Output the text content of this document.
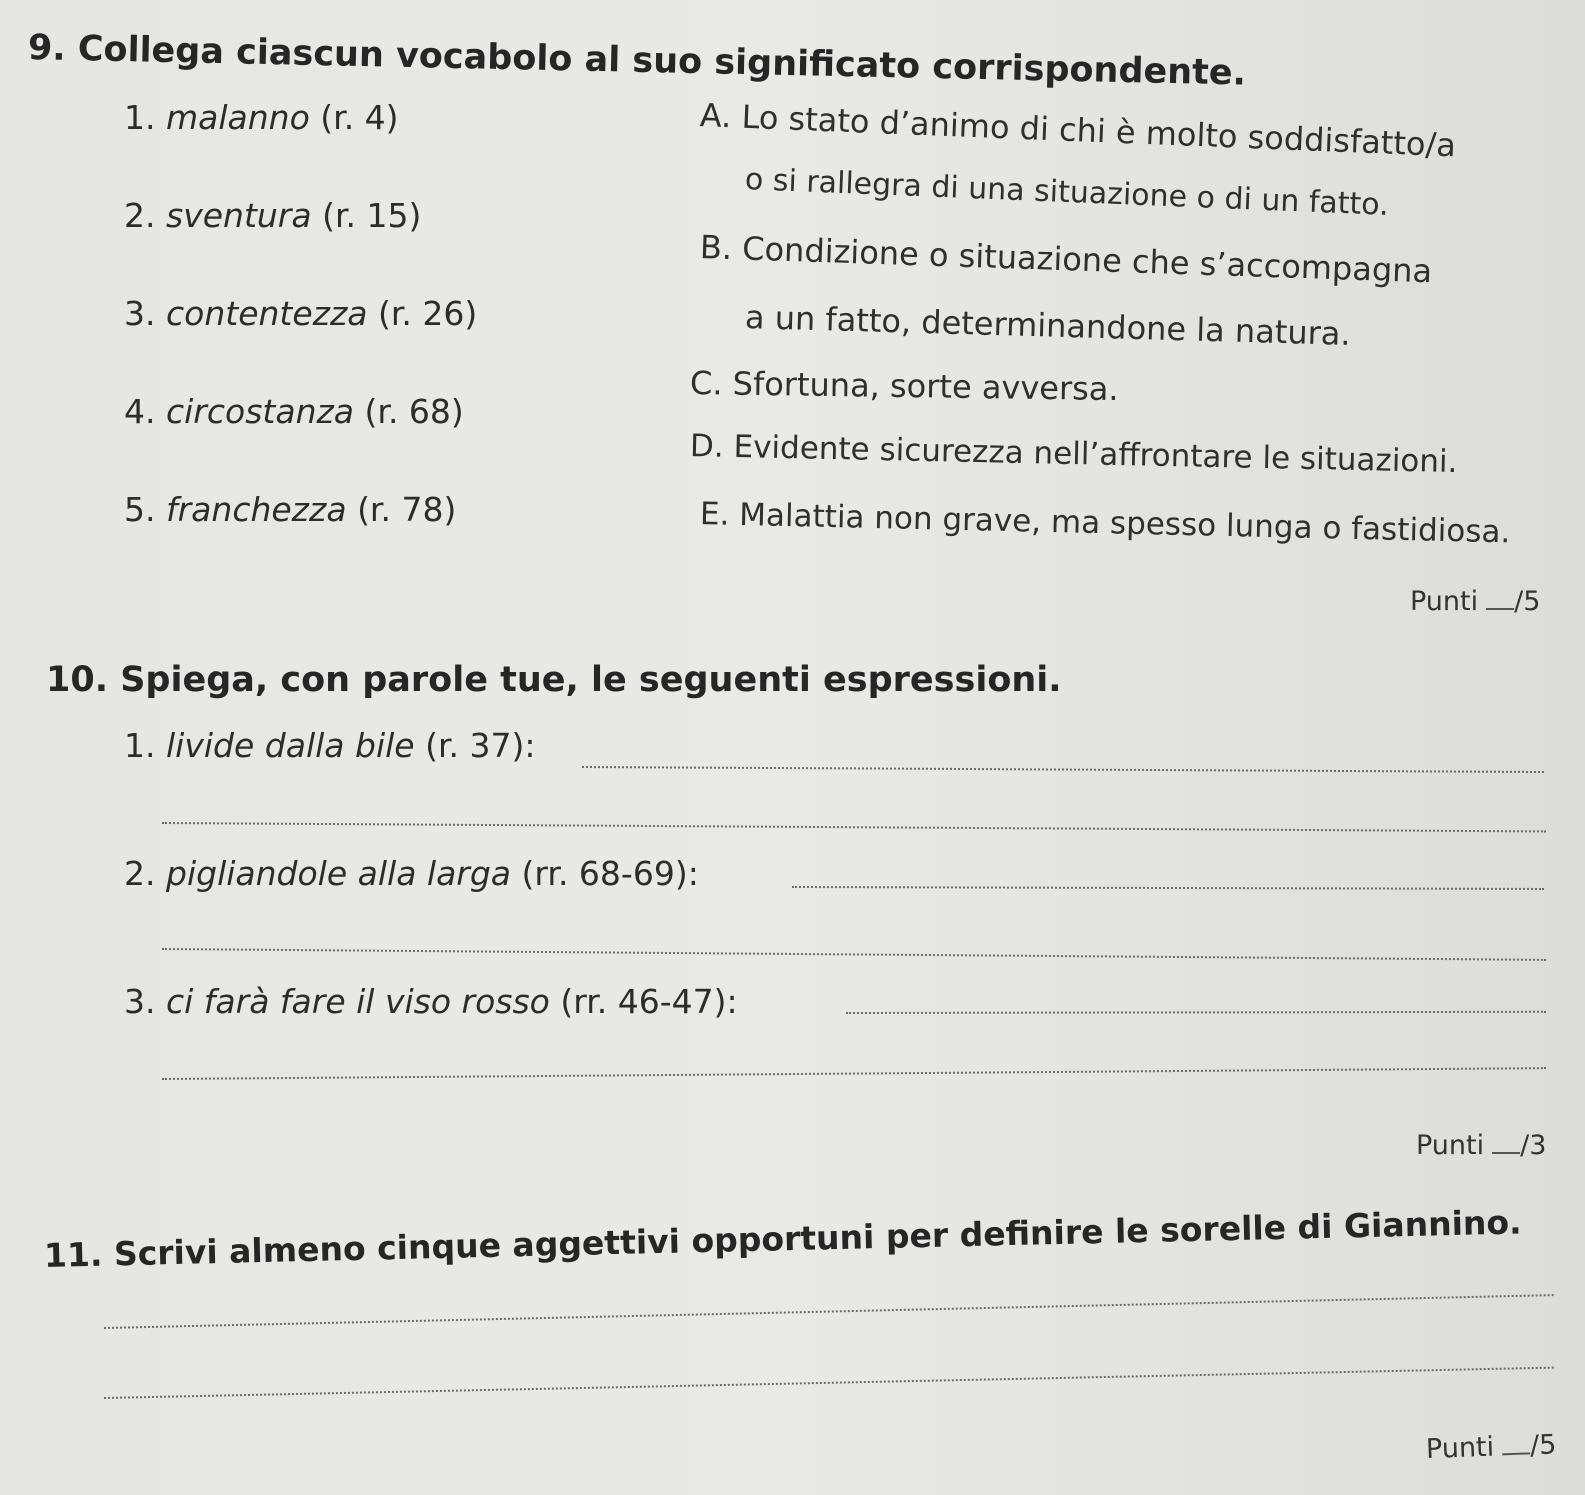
9. Collega ciascun vocabolo al suo significato corrispondente.
1. malanno (r. 4)
2. sventura (r. 15)
3. contentezza (r. 26)
4. circostanza (r. 68)
5. franchezza (r. 78)
A. Lo stato d’animo di chi è molto soddisfatto/a
o si rallegra di una situazione o di un fatto.
B. Condizione o situazione che s’accompagna
a un fatto, determinandone la natura.
C. Sfortuna, sorte avversa.
D. Evidente sicurezza nell’affrontare le situazioni.
E. Malattia non grave, ma spesso lunga o fastidiosa.
Punti /5
10. Spiega, con parole tue, le seguenti espressioni.
1. livide dalla bile (r. 37):
2. pigliandole alla larga (rr. 68-69):
3. ci farà fare il viso rosso (rr. 46-47):
Punti /3
11. Scrivi almeno cinque aggettivi opportuni per definire le sorelle di Giannino.
Punti /5
